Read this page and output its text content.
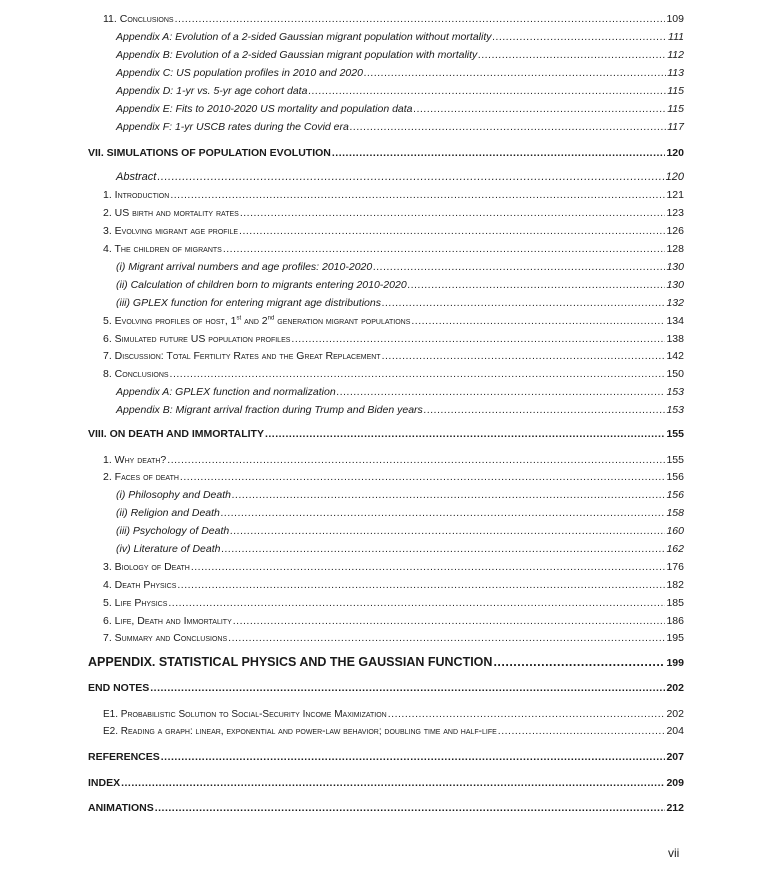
11. Conclusions .....	109
Appendix A: Evolution of a 2-sided Gaussian migrant population without mortality .....	111
Appendix B: Evolution of a 2-sided Gaussian migrant population with mortality .....	112
Appendix C: US population profiles in 2010 and 2020 .....	113
Appendix D: 1-yr vs. 5-yr age cohort data .....	115
Appendix E: Fits to 2010-2020 US mortality and population data .....	115
Appendix F: 1-yr USCB rates during the Covid era .....	117
VII. SIMULATIONS OF POPULATION EVOLUTION .....	120
Abstract .....	120
1. Introduction .....	121
2. US birth and mortality rates .....	123
3. Evolving migrant age profile .....	126
4. The children of migrants .....	128
(i) Migrant arrival numbers and age profiles: 2010-2020 .....	130
(ii) Calculation of children born to migrants entering 2010-2020 .....	130
(iii) GPLEX function for entering migrant age distributions .....	132
5. Evolving profiles of host, 1st and 2nd generation migrant populations .....	134
6. Simulated future US population profiles .....	138
7. Discussion: Total Fertility Rates and the Great Replacement .....	142
8. Conclusions .....	150
Appendix A: GPLEX function and normalization .....	153
Appendix B: Migrant arrival fraction during Trump and Biden years .....	153
VIII. ON DEATH AND IMMORTALITY .....	155
1. Why death? .....	155
2. Faces of death .....	156
(i) Philosophy and Death .....	156
(ii) Religion and Death .....	158
(iii) Psychology of Death .....	160
(iv) Literature of Death .....	162
3. Biology of Death .....	176
4. Death Physics .....	182
5. Life Physics .....	185
6. Life, Death and Immortality .....	186
7. Summary and Conclusions .....	195
APPENDIX. STATISTICAL PHYSICS AND THE GAUSSIAN FUNCTION .....	199
END NOTES .....	202
E1. Probabilistic Solution to Social-Security Income Maximization .....	202
E2. Reading a graph: linear, exponential and power-law behavior; doubling time and half-life .....	204
REFERENCES .....	207
INDEX .....	209
ANIMATIONS .....	212
vii
